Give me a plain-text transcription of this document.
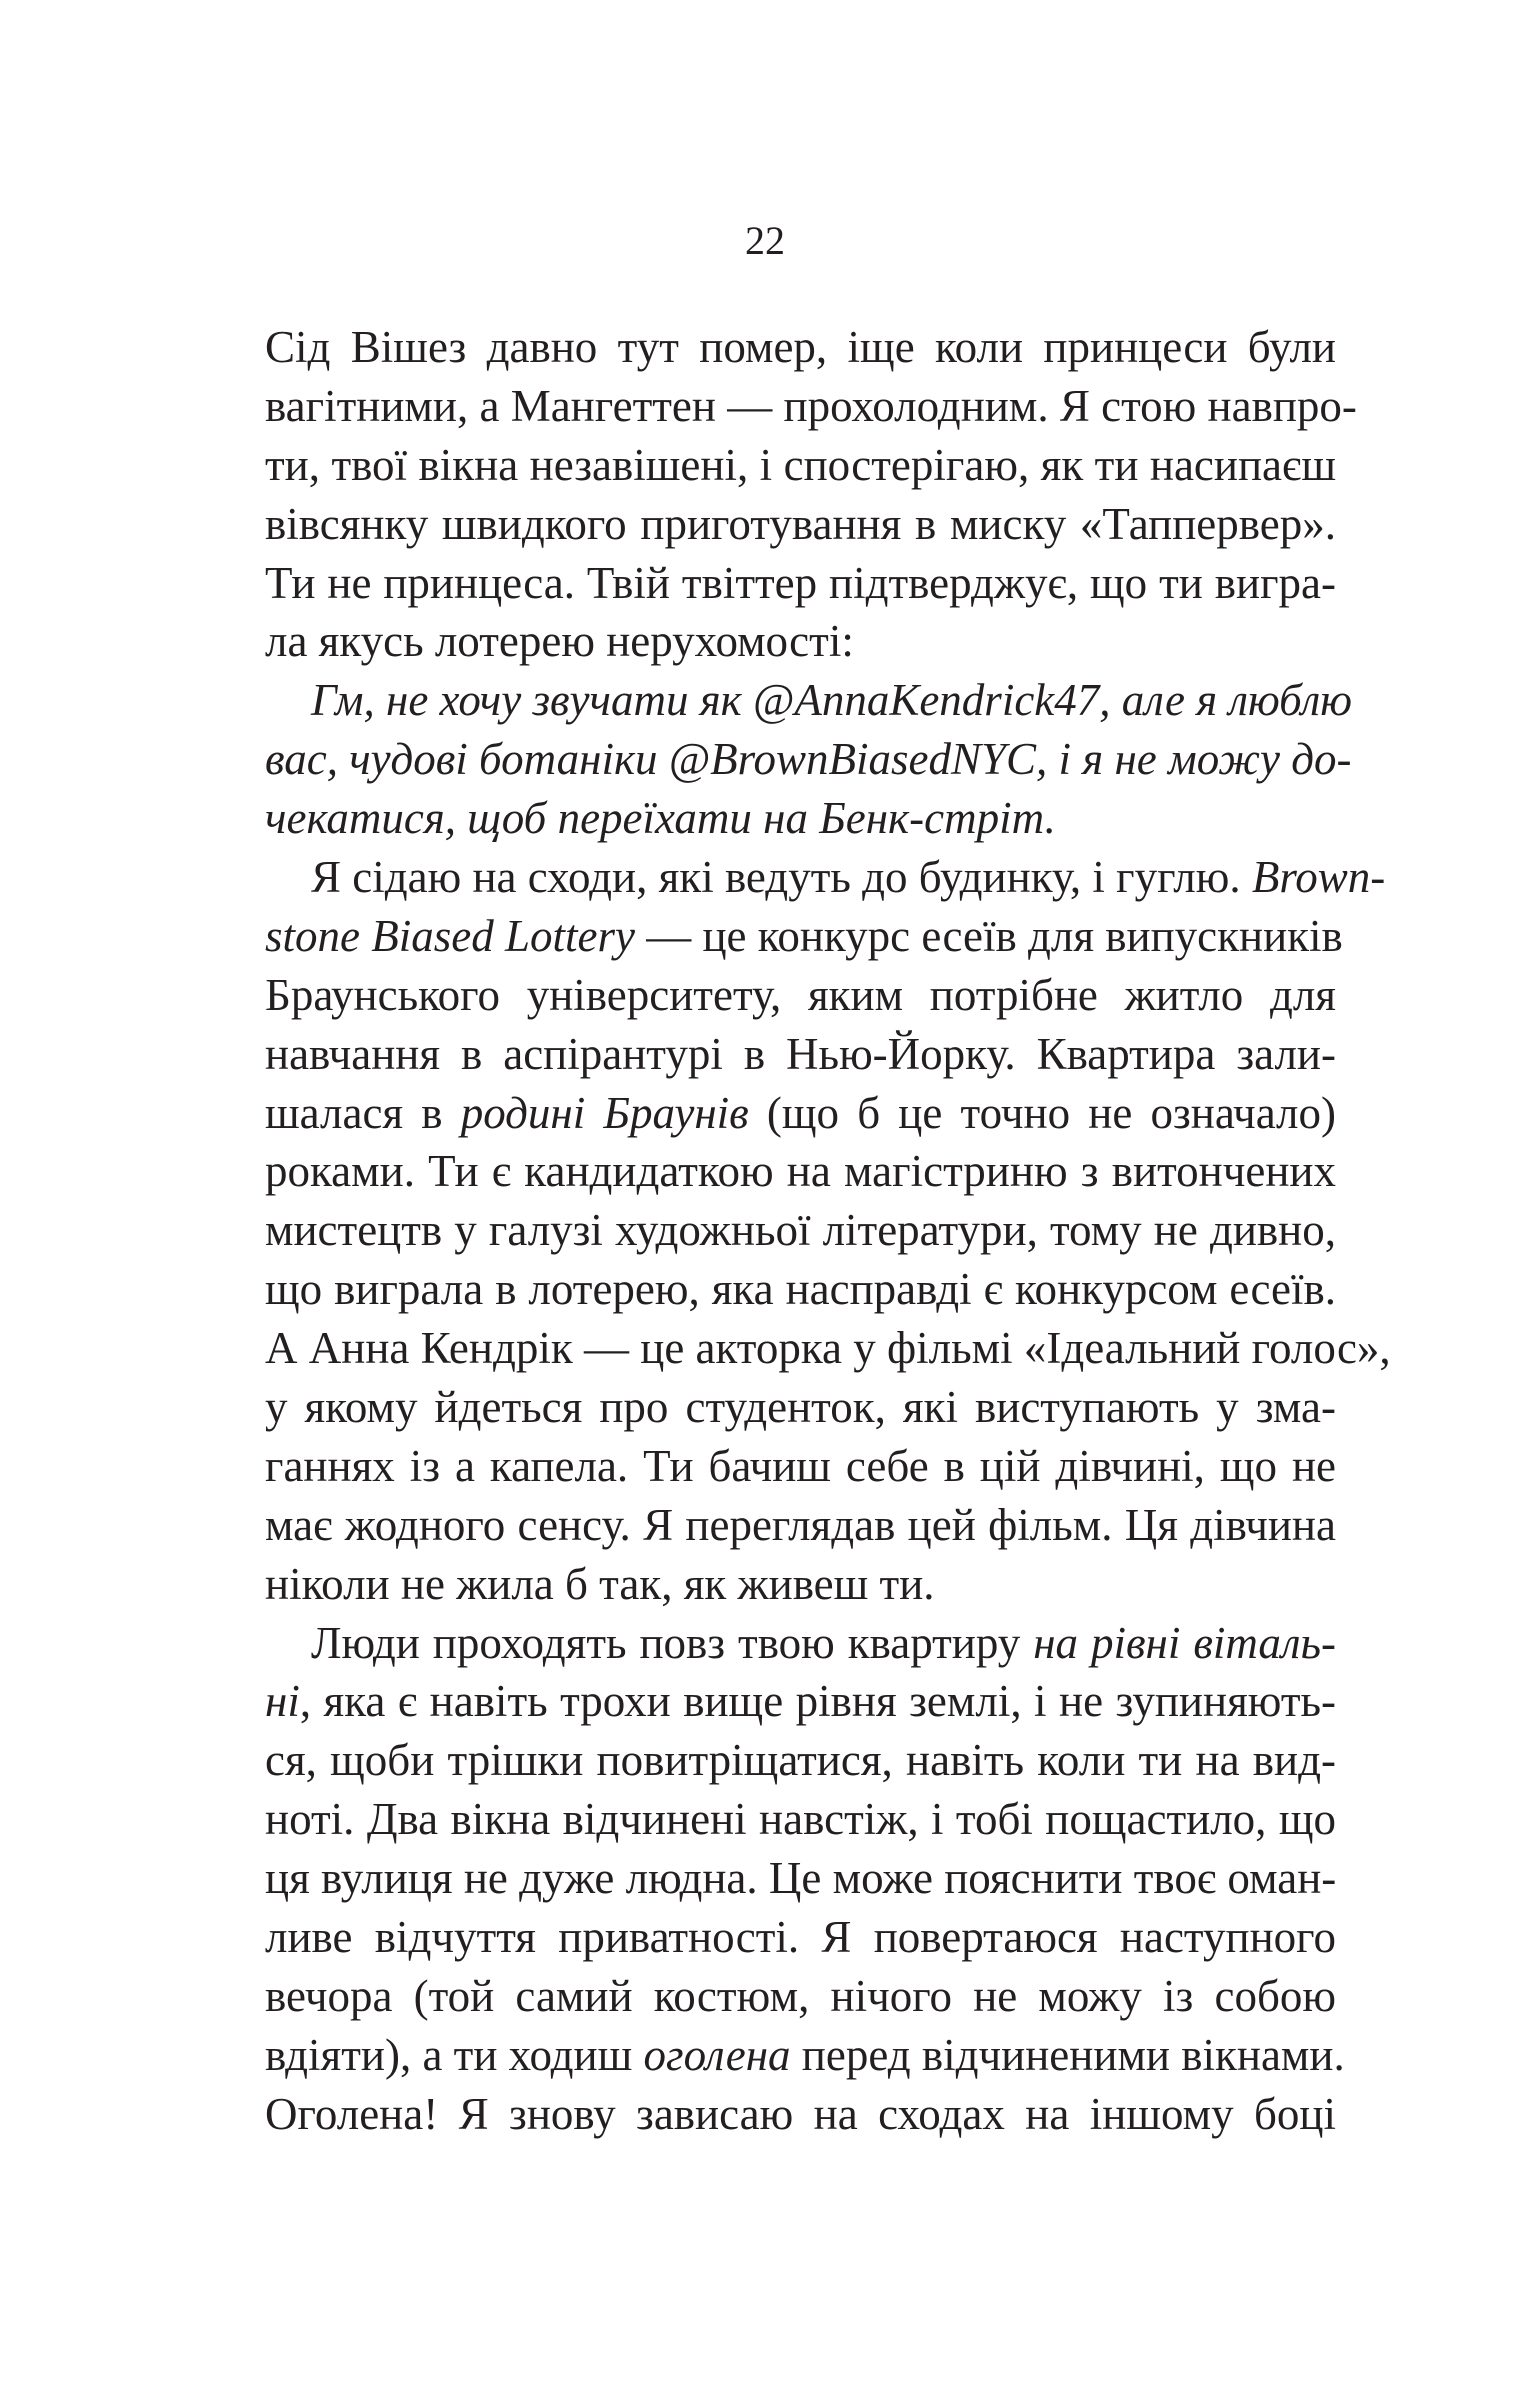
22
Сід Вішез давно тут помер, іще коли принцеси були
вагітними, а Мангеттен — прохолодним. Я стою навпро-
ти, твої вікна незавішені, і спостерігаю, як ти насипаєш
вівсянку швидкого приготування в миску «Таппервер».
Ти не принцеса. Твій твіттер підтверджує, що ти вигра-
ла якусь лотерею нерухомості:
Гм, не хочу звучати як @AnnaKendrick47, але я люблю
вас, чудові ботаніки @BrownBiasedNYC, і я не можу до-
чекатися, щоб переїхати на Бенк-стріт.
Я сідаю на сходи, які ведуть до будинку, і гуглю. Brown-
stone Biased Lottery — це конкурс есеїв для випускників
Браунського університету, яким потрібне житло для
навчання в аспірантурі в Нью-Йорку. Квартира зали-
шалася в родині Браунів (що б це точно не означало)
роками. Ти є кандидаткою на магістриню з витончених
мистецтв у галузі художньої літератури, тому не дивно,
що виграла в лотерею, яка насправді є конкурсом есеїв.
А Анна Кендрік — це акторка у фільмі «Ідеальний голос»,
у якому йдеться про студенток, які виступають у зма-
ганнях із а капела. Ти бачиш себе в цій дівчині, що не
має жодного сенсу. Я переглядав цей фільм. Ця дівчина
ніколи не жила б так, як живеш ти.
Люди проходять повз твою квартиру на рівні віталь-
ні, яка є навіть трохи вище рівня землі, і не зупиняють-
ся, щоби трішки повитріщатися, навіть коли ти на вид-
ноті. Два вікна відчинені навстіж, і тобі пощастило, що
ця вулиця не дуже людна. Це може пояснити твоє оман-
ливе відчуття приватності. Я повертаюся наступного
вечора (той самий костюм, нічого не можу із собою
вдіяти), а ти ходиш оголена перед відчиненими вікнами.
Оголена! Я знову зависаю на сходах на іншому боці
